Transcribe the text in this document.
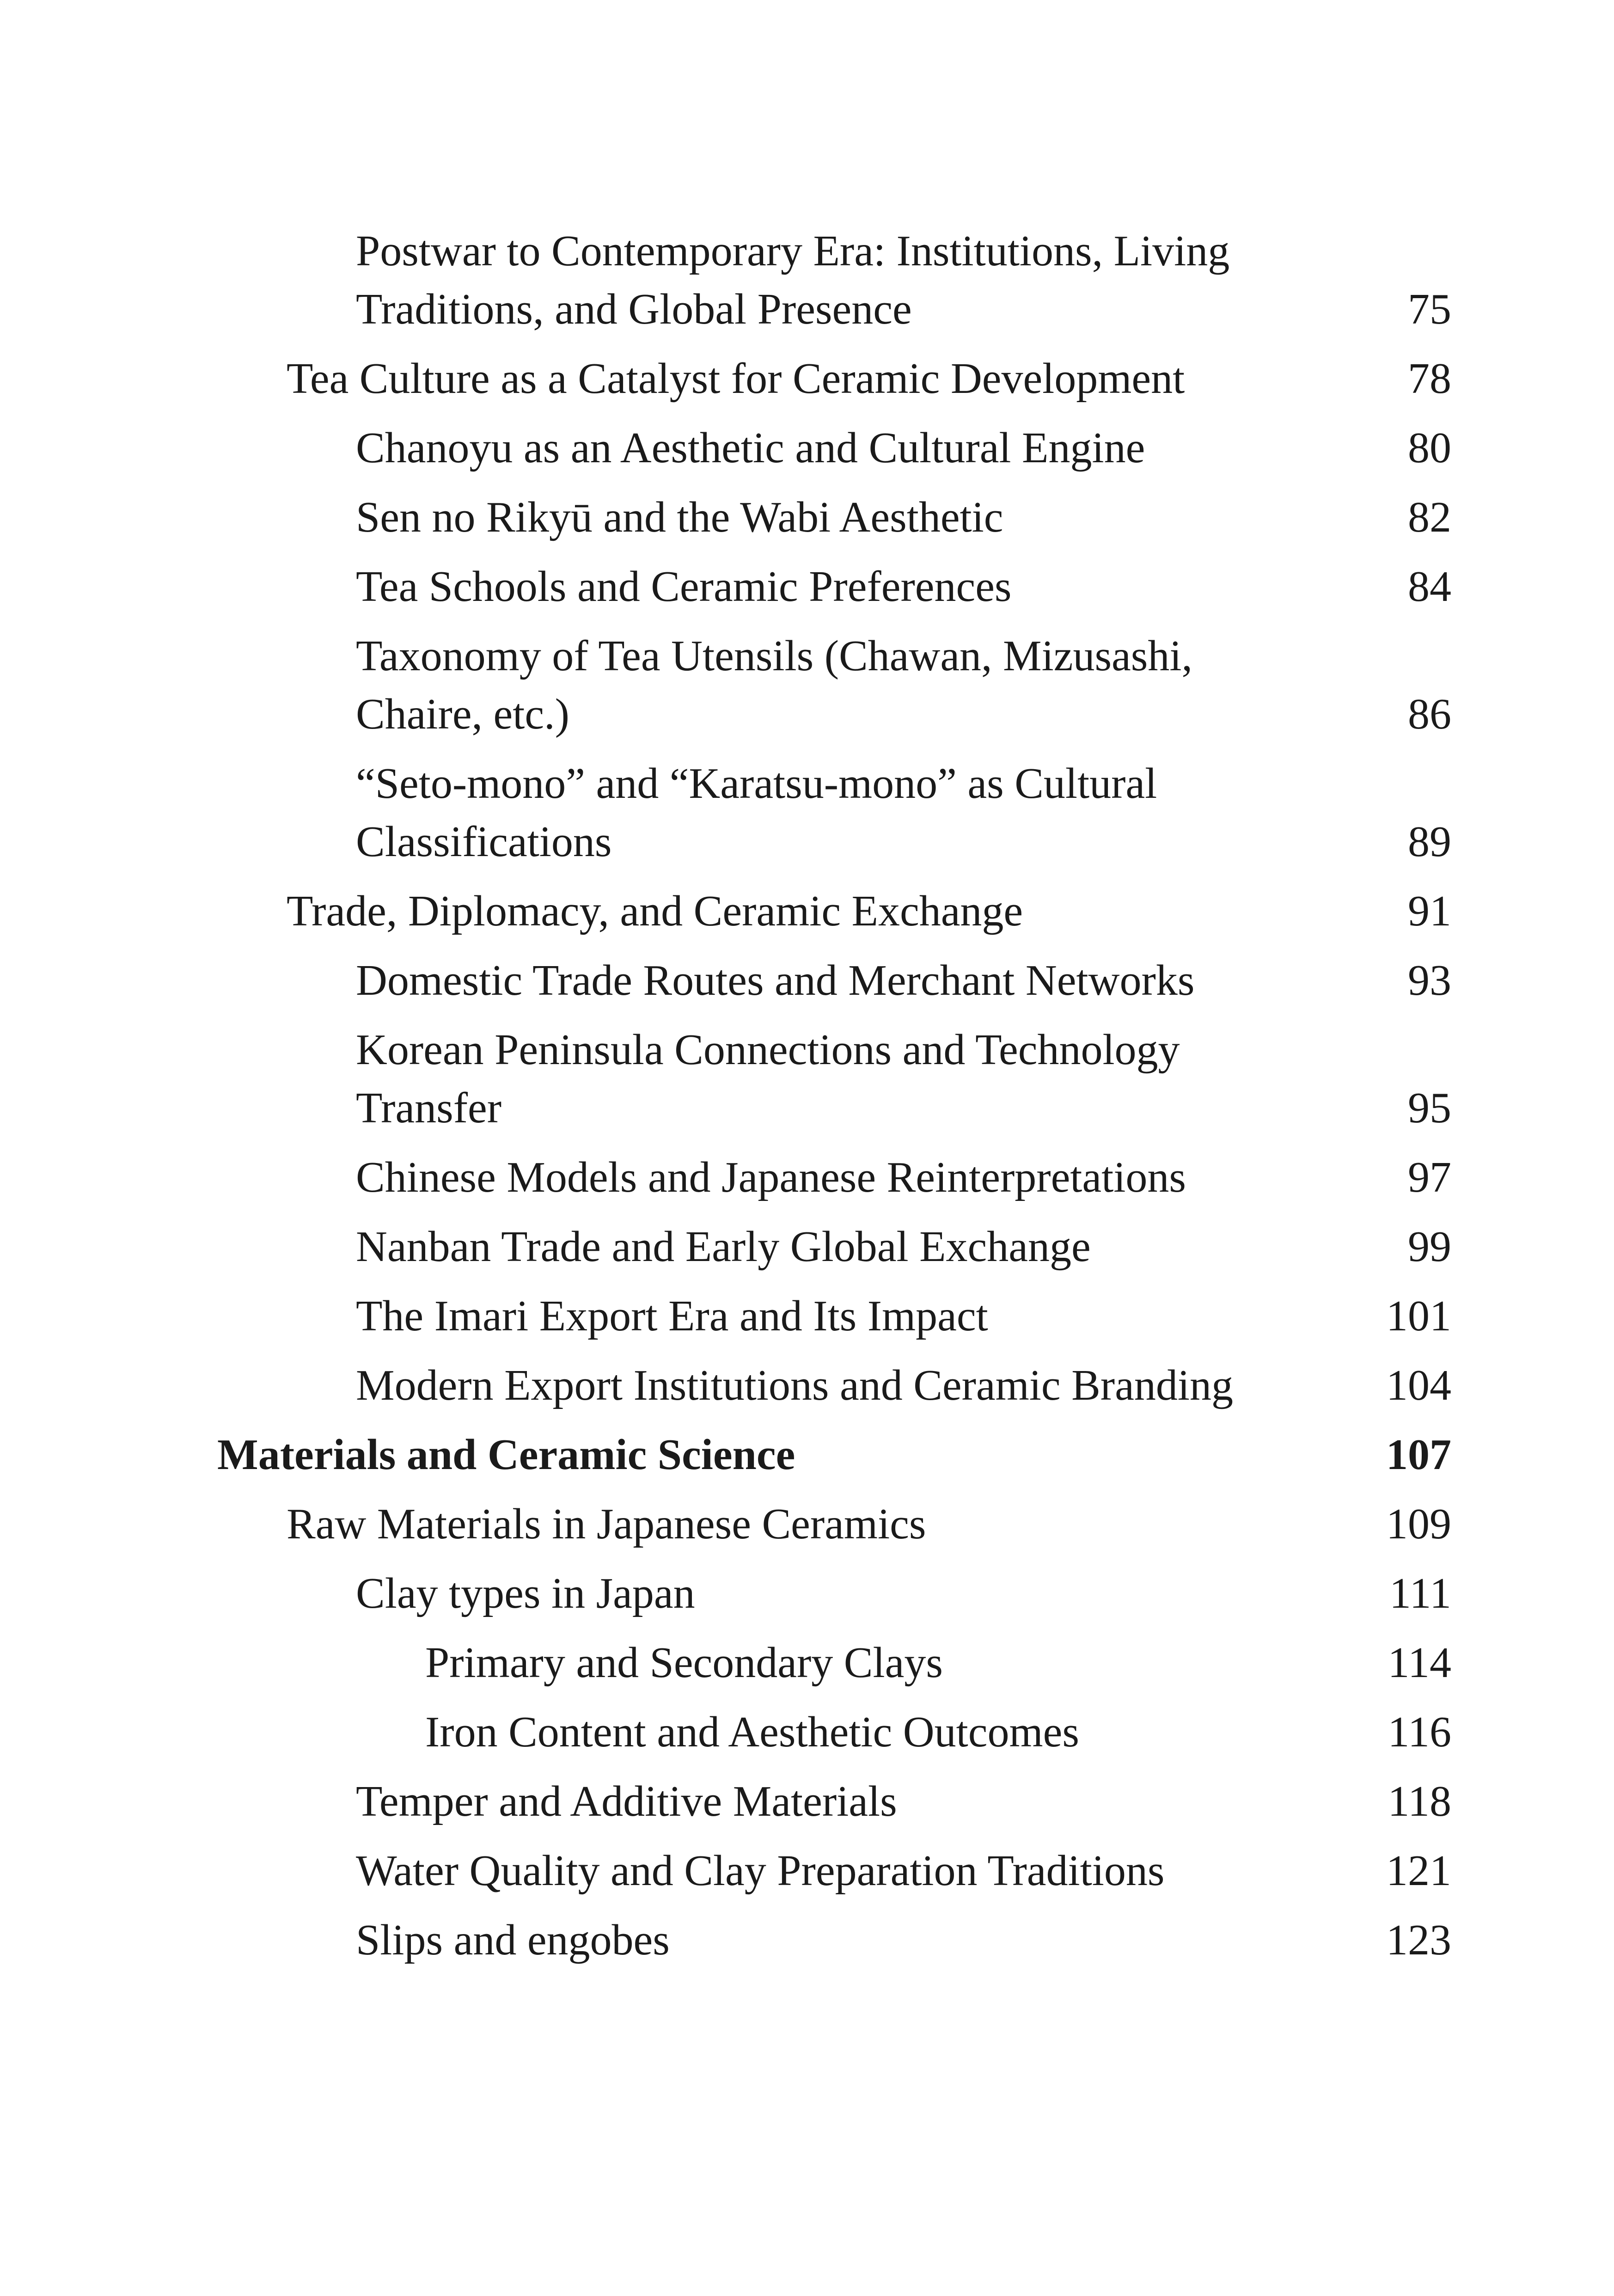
Postwar to Contemporary Era: Institutions, Living
Traditions, and Global Presence	75
Tea Culture as a Catalyst for Ceramic Development	78
Chanoyu as an Aesthetic and Cultural Engine	80
Sen no Rikyū and the Wabi Aesthetic	82
Tea Schools and Ceramic Preferences	84
Taxonomy of Tea Utensils (Chawan, Mizusashi,
Chaire, etc.)	86
“Seto-mono” and “Karatsu-mono” as Cultural
Classifications	89
Trade, Diplomacy, and Ceramic Exchange	91
Domestic Trade Routes and Merchant Networks	93
Korean Peninsula Connections and Technology
Transfer	95
Chinese Models and Japanese Reinterpretations	97
Nanban Trade and Early Global Exchange	99
The Imari Export Era and Its Impact	101
Modern Export Institutions and Ceramic Branding	104
Materials and Ceramic Science	107
Raw Materials in Japanese Ceramics	109
Clay types in Japan	111
Primary and Secondary Clays	114
Iron Content and Aesthetic Outcomes	116
Temper and Additive Materials	118
Water Quality and Clay Preparation Traditions	121
Slips and engobes	123
